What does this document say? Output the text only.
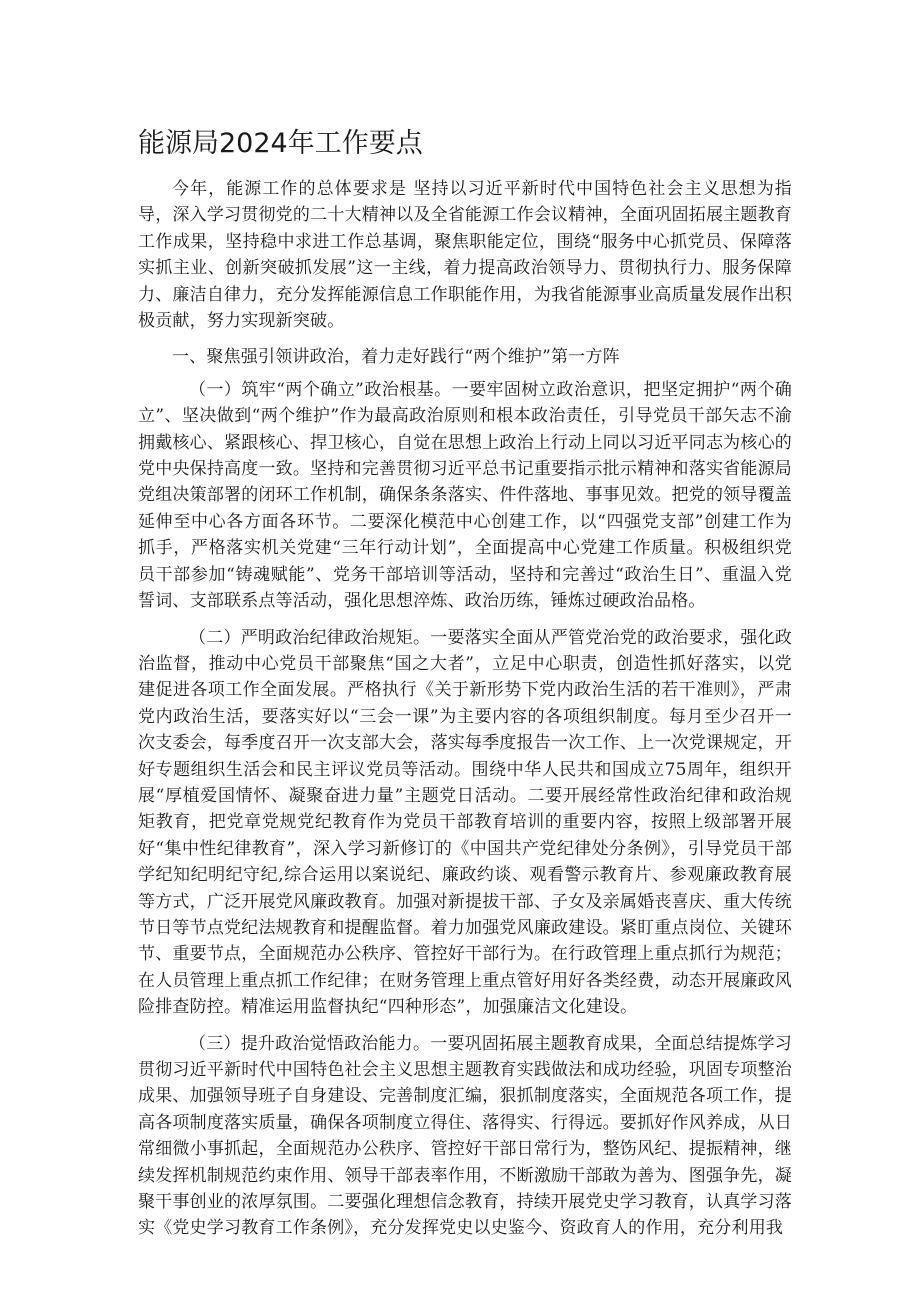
能源局2024年工作要点

今年，能源工作的总体要求是 坚持以习近平新时代中国特色社会主义思想为指导，深入学习贯彻党的二十大精神以及全省能源工作会议精神，全面巩固拓展主题教育工作成果，坚持稳中求进工作总基调，聚焦职能定位，围绕“服务中心抓党员、保障落实抓主业、创新突破抓发展”这一主线，着力提高政治领导力、贯彻执行力、服务保障力、廉洁自律力，充分发挥能源信息工作职能作用，为我省能源事业高质量发展作出积极贡献，努力实现新突破。

一、聚焦强引领讲政治，着力走好践行“两个维护”第一方阵

（一）筑牢“两个确立”政治根基。一要牢固树立政治意识，把坚定拥护“两个确立”、坚决做到“两个维护”作为最高政治原则和根本政治责任，引导党员干部矢志不渝拥戴核心、紧跟核心、捍卫核心，自觉在思想上政治上行动上同以习近平同志为核心的党中央保持高度一致。坚持和完善贯彻习近平总书记重要指示批示精神和落实省能源局党组决策部署的闭环工作机制，确保条条落实、件件落地、事事见效。把党的领导覆盖延伸至中心各方面各环节。二要深化模范中心创建工作，以“四强党支部”创建工作为抓手，严格落实机关党建“三年行动计划”，全面提高中心党建工作质量。积极组织党员干部参加“铸魂赋能”、党务干部培训等活动，坚持和完善过“政治生日”、重温入党誓词、支部联系点等活动，强化思想淬炼、政治历练，锤炼过硬政治品格。

（二）严明政治纪律政治规矩。一要落实全面从严管党治党的政治要求，强化政治监督，推动中心党员干部聚焦“国之大者”，立足中心职责，创造性抓好落实，以党建促进各项工作全面发展。严格执行《关于新形势下党内政治生活的若干准则》，严肃党内政治生活，要落实好以“三会一课”为主要内容的各项组织制度。每月至少召开一次支委会，每季度召开一次支部大会，落实每季度报告一次工作、上一次党课规定，开好专题组织生活会和民主评议党员等活动。围绕中华人民共和国成立75周年，组织开展“厚植爱国情怀、凝聚奋进力量”主题党日活动。二要开展经常性政治纪律和政治规矩教育，把党章党规党纪教育作为党员干部教育培训的重要内容，按照上级部署开展好“集中性纪律教育”，深入学习新修订的《中国共产党纪律处分条例》，引导党员干部学纪知纪明纪守纪,综合运用以案说纪、廉政约谈、观看警示教育片、参观廉政教育展等方式，广泛开展党风廉政教育。加强对新提拔干部、子女及亲属婚丧喜庆、重大传统节日等节点党纪法规教育和提醒监督。着力加强党风廉政建设。紧盯重点岗位、关键环节、重要节点，全面规范办公秩序、管控好干部行为。在行政管理上重点抓行为规范；在人员管理上重点抓工作纪律；在财务管理上重点管好用好各类经费，动态开展廉政风险排查防控。精准运用监督执纪“四种形态”，加强廉洁文化建设。

（三）提升政治觉悟政治能力。一要巩固拓展主题教育成果，全面总结提炼学习贯彻习近平新时代中国特色社会主义思想主题教育实践做法和成功经验，巩固专项整治成果、加强领导班子自身建设、完善制度汇编，狠抓制度落实，全面规范各项工作，提高各项制度落实质量，确保各项制度立得住、落得实、行得远。要抓好作风养成，从日常细微小事抓起，全面规范办公秩序、管控好干部日常行为，整饬风纪、提振精神，继续发挥机制规范约束作用、领导干部表率作用，不断激励干部敢为善为、图强争先，凝聚干事创业的浓厚氛围。二要强化理想信念教育，持续开展党史学习教育，认真学习落实《党史学习教育工作条例》，充分发挥党史以史鉴今、资政育人的作用，充分利用我
